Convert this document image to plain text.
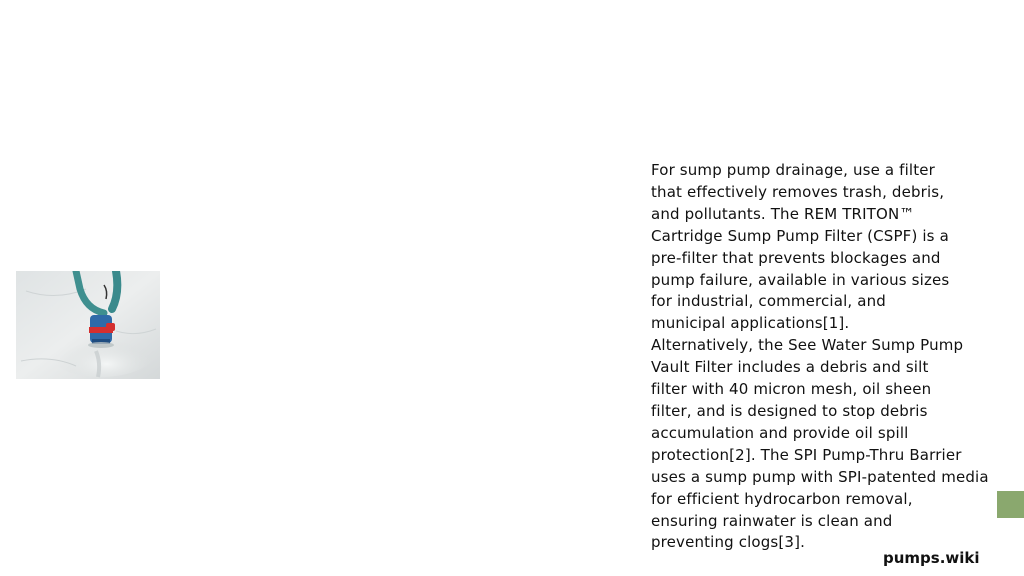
For sump pump drainage, use a filter
that effectively removes trash, debris,
and pollutants. The REM TRITON™
Cartridge Sump Pump Filter (CSPF) is a
pre-filter that prevents blockages and
pump failure, available in various sizes
for industrial, commercial, and
municipal applications[1].
Alternatively, the See Water Sump Pump
Vault Filter includes a debris and silt
filter with 40 micron mesh, oil sheen
filter, and is designed to stop debris
accumulation and provide oil spill
protection[2]. The SPI Pump-Thru Barrier
uses a sump pump with SPI-patented media
for efficient hydrocarbon removal,
ensuring rainwater is clean and
preventing clogs[3].

pumps.wiki
